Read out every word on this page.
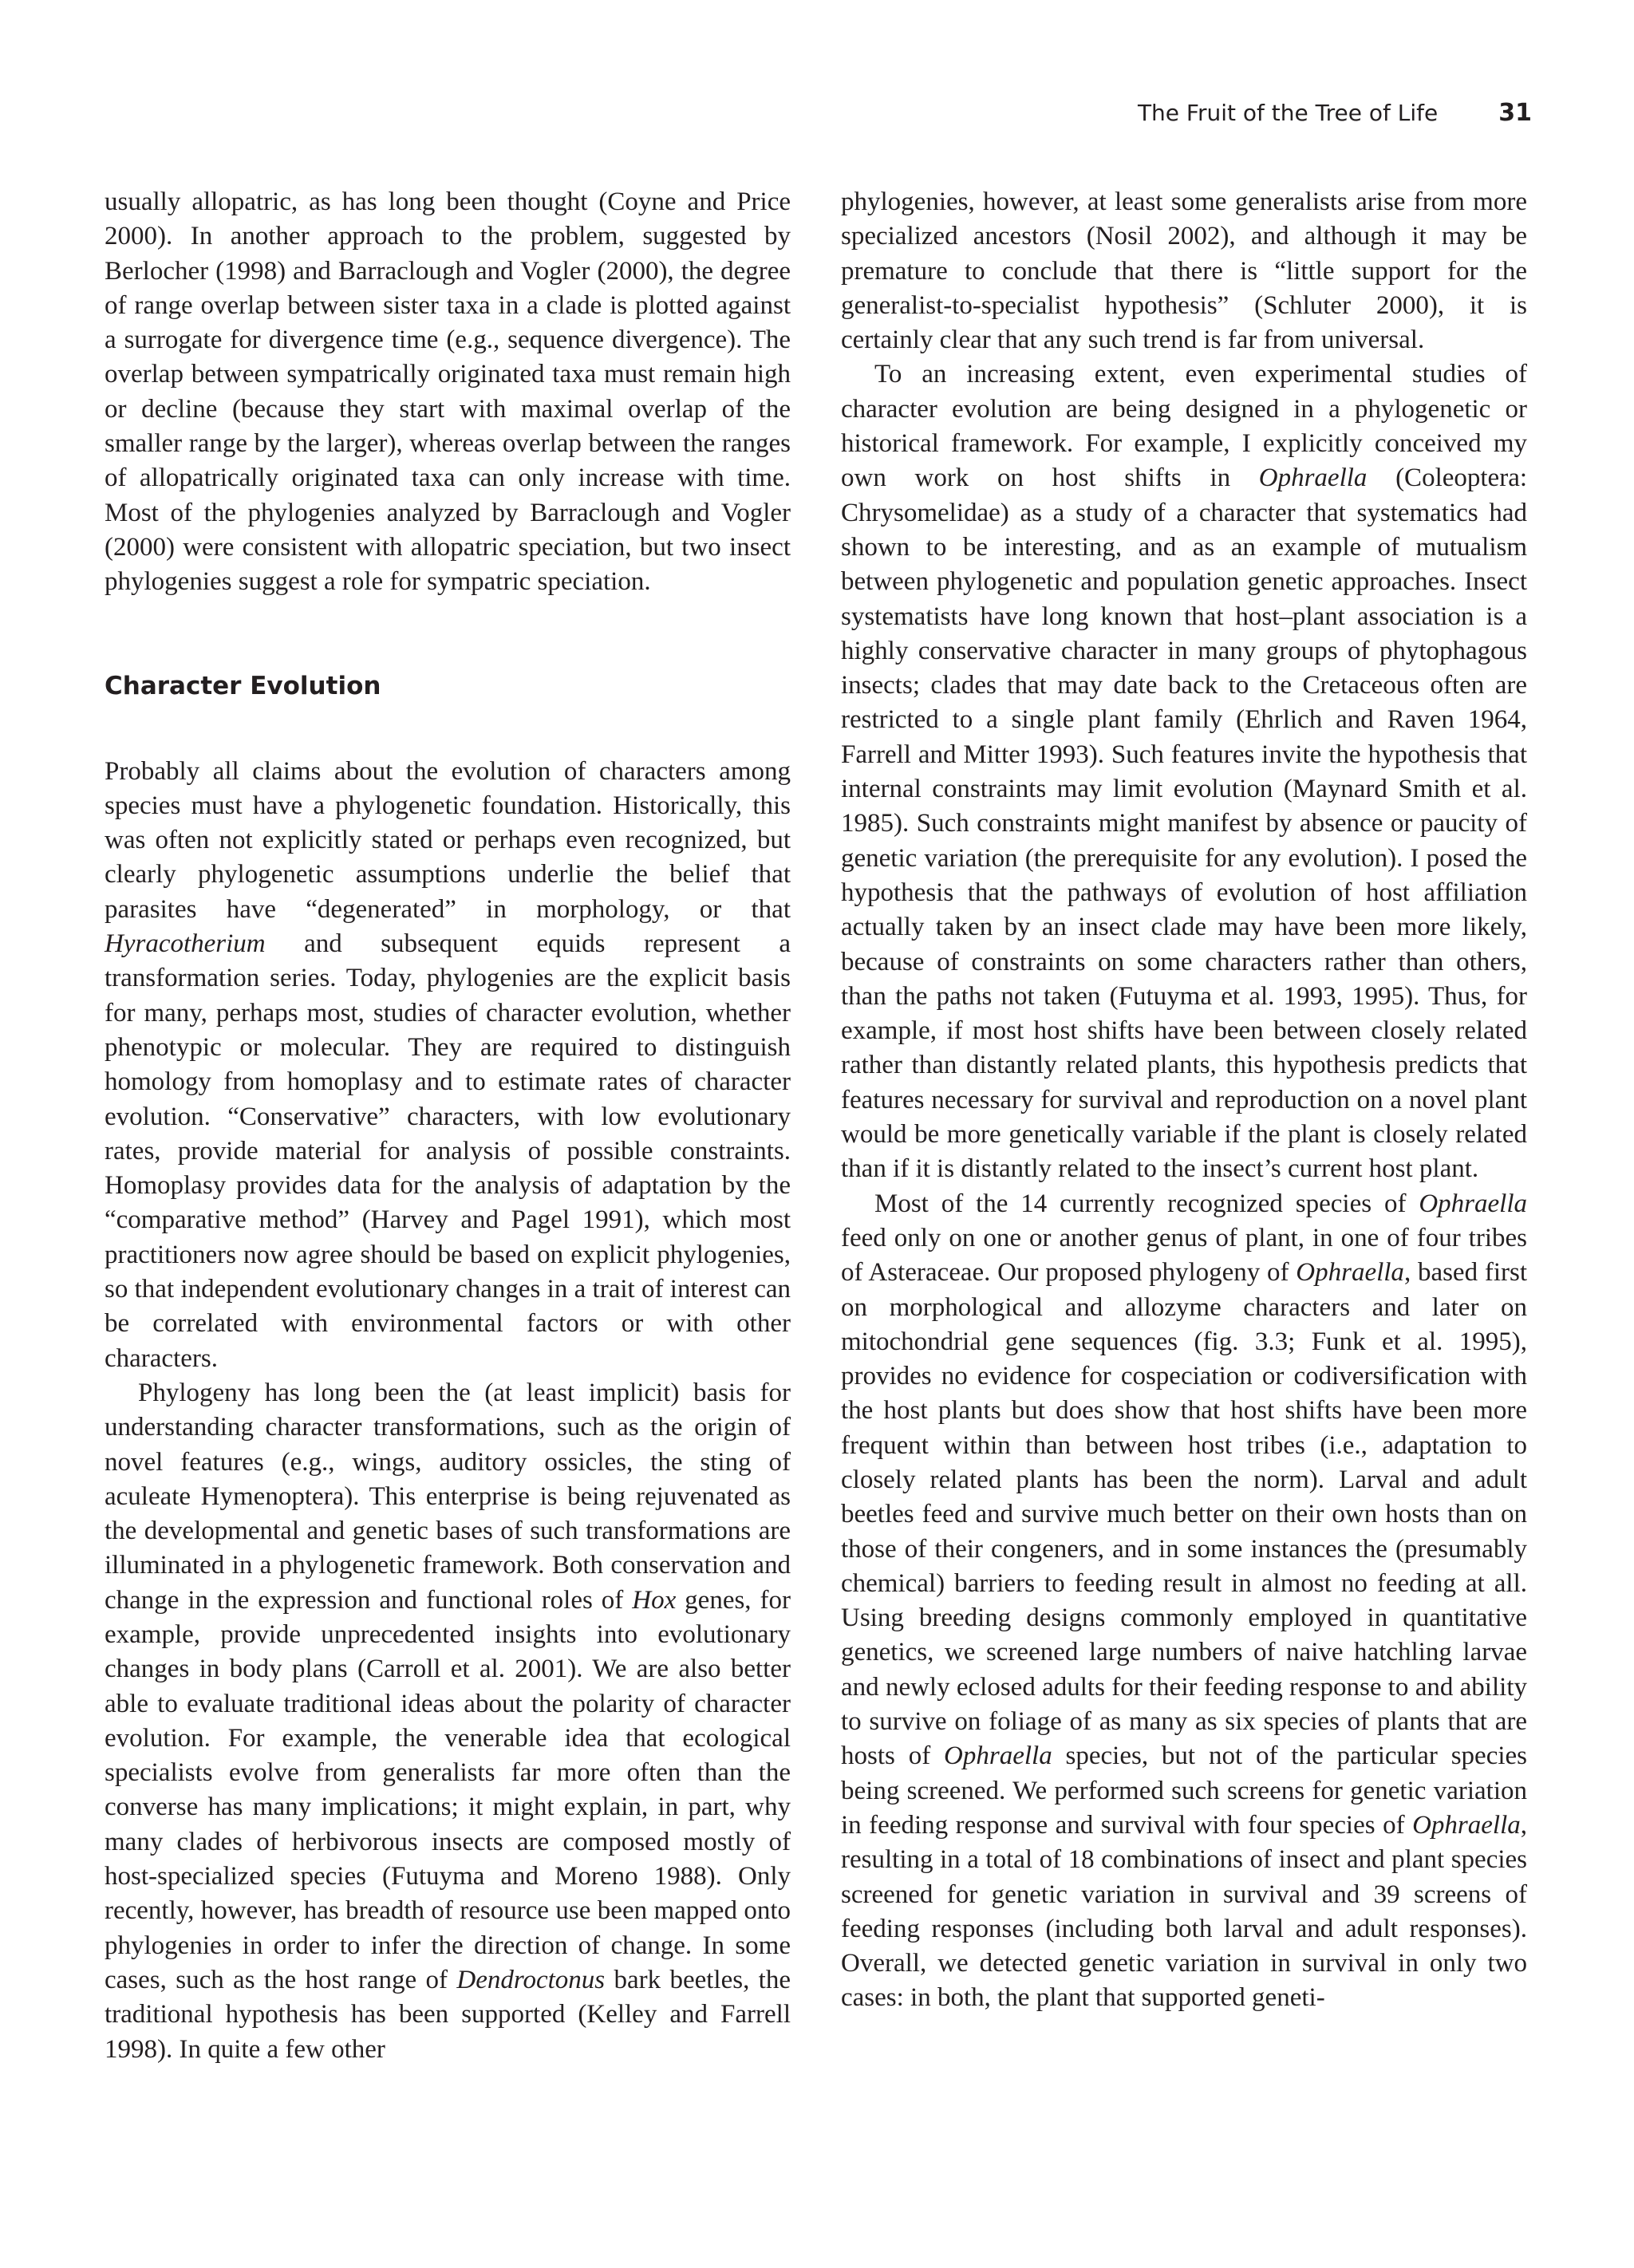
The Fruit of the Tree of Life	31

usually allopatric, as has long been thought (Coyne and Price 2000). In another approach to the problem, suggested by Berlocher (1998) and Barraclough and Vogler (2000), the degree of range overlap between sister taxa in a clade is plotted against a surrogate for divergence time (e.g., sequence divergence). The overlap between sympatrically originated taxa must remain high or decline (because they start with maximal overlap of the smaller range by the larger), whereas overlap between the ranges of allopatrically originated taxa can only increase with time. Most of the phylogenies analyzed by Barraclough and Vogler (2000) were consistent with allopatric speciation, but two insect phylogenies suggest a role for sympatric speciation.

Character Evolution

Probably all claims about the evolution of characters among species must have a phylogenetic foundation. Historically, this was often not explicitly stated or perhaps even recognized, but clearly phylogenetic assumptions underlie the belief that parasites have “degenerated” in morphology, or that Hyracotherium and subsequent equids represent a transformation series. Today, phylogenies are the explicit basis for many, perhaps most, studies of character evolution, whether phenotypic or molecular. They are required to distinguish homology from homoplasy and to estimate rates of character evolution. “Conservative” characters, with low evolutionary rates, provide material for analysis of possible constraints. Homoplasy provides data for the analysis of adaptation by the “comparative method” (Harvey and Pagel 1991), which most practitioners now agree should be based on explicit phylogenies, so that independent evolutionary changes in a trait of interest can be correlated with environmental factors or with other characters.

Phylogeny has long been the (at least implicit) basis for understanding character transformations, such as the origin of novel features (e.g., wings, auditory ossicles, the sting of aculeate Hymenoptera). This enterprise is being rejuvenated as the developmental and genetic bases of such transformations are illuminated in a phylogenetic framework. Both conservation and change in the expression and functional roles of Hox genes, for example, provide unprecedented insights into evolutionary changes in body plans (Carroll et al. 2001). We are also better able to evaluate traditional ideas about the polarity of character evolution. For example, the venerable idea that ecological specialists evolve from generalists far more often than the converse has many implications; it might explain, in part, why many clades of herbivorous insects are composed mostly of host-specialized species (Futuyma and Moreno 1988). Only recently, however, has breadth of resource use been mapped onto phylogenies in order to infer the direction of change. In some cases, such as the host range of Dendroctonus bark beetles, the traditional hypothesis has been supported (Kelley and Farrell 1998). In quite a few other

phylogenies, however, at least some generalists arise from more specialized ancestors (Nosil 2002), and although it may be premature to conclude that there is “little support for the generalist-to-specialist hypothesis” (Schluter 2000), it is certainly clear that any such trend is far from universal.

To an increasing extent, even experimental studies of character evolution are being designed in a phylogenetic or historical framework. For example, I explicitly conceived my own work on host shifts in Ophraella (Coleoptera: Chrysomelidae) as a study of a character that systematics had shown to be interesting, and as an example of mutualism between phylogenetic and population genetic approaches. Insect systematists have long known that host–plant association is a highly conservative character in many groups of phytophagous insects; clades that may date back to the Cretaceous often are restricted to a single plant family (Ehrlich and Raven 1964, Farrell and Mitter 1993). Such features invite the hypothesis that internal constraints may limit evolution (Maynard Smith et al. 1985). Such constraints might manifest by absence or paucity of genetic variation (the prerequisite for any evolution). I posed the hypothesis that the pathways of evolution of host affiliation actually taken by an insect clade may have been more likely, because of constraints on some characters rather than others, than the paths not taken (Futuyma et al. 1993, 1995). Thus, for example, if most host shifts have been between closely related rather than distantly related plants, this hypothesis predicts that features necessary for survival and reproduction on a novel plant would be more genetically variable if the plant is closely related than if it is distantly related to the insect’s current host plant.

Most of the 14 currently recognized species of Ophraella feed only on one or another genus of plant, in one of four tribes of Asteraceae. Our proposed phylogeny of Ophraella, based first on morphological and allozyme characters and later on mitochondrial gene sequences (fig. 3.3; Funk et al. 1995), provides no evidence for cospeciation or codiversification with the host plants but does show that host shifts have been more frequent within than between host tribes (i.e., adaptation to closely related plants has been the norm). Larval and adult beetles feed and survive much better on their own hosts than on those of their congeners, and in some instances the (presumably chemical) barriers to feeding result in almost no feeding at all. Using breeding designs commonly employed in quantitative genetics, we screened large numbers of naive hatchling larvae and newly eclosed adults for their feeding response to and ability to survive on foliage of as many as six species of plants that are hosts of Ophraella species, but not of the particular species being screened. We performed such screens for genetic variation in feeding response and survival with four species of Ophraella, resulting in a total of 18 combinations of insect and plant species screened for genetic variation in survival and 39 screens of feeding responses (including both larval and adult responses). Overall, we detected genetic variation in survival in only two cases: in both, the plant that supported geneti-
